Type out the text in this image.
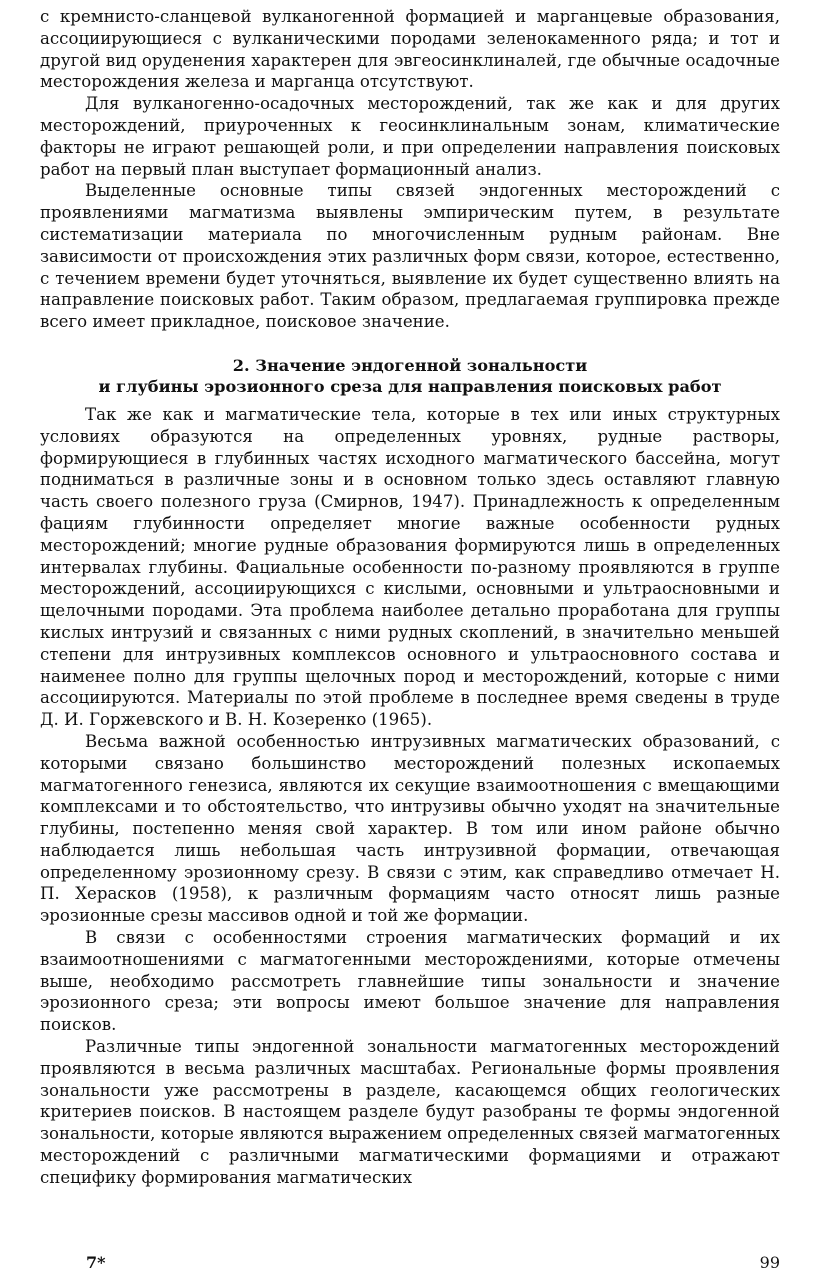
с кремнисто-сланцевой вулканогенной формацией и марганцевые образования, ассоциирующиеся с вулканическими породами зеленокаменного ряда; и тот и другой вид оруденения характерен для эвгеосинклиналей, где обычные осадочные месторождения железа и марганца отсутствуют.

Для вулканогенно-осадочных месторождений, так же как и для других месторождений, приуроченных к геосинклинальным зонам, климатические факторы не играют решающей роли, и при определении направления поисковых работ на первый план выступает формационный анализ.

Выделенные основные типы связей эндогенных месторождений с проявлениями магматизма выявлены эмпирическим путем, в результате систематизации материала по многочисленным рудным районам. Вне зависимости от происхождения этих различных форм связи, которое, естественно, с течением времени будет уточняться, выявление их будет существенно влиять на направление поисковых работ. Таким образом, предлагаемая группировка прежде всего имеет прикладное, поисковое значение.

2. Значение эндогенной зональности
и глубины эрозионного среза для направления поисковых работ

Так же как и магматические тела, которые в тех или иных структурных условиях образуются на определенных уровнях, рудные растворы, формирующиеся в глубинных частях исходного магматического бассейна, могут подниматься в различные зоны и в основном только здесь оставляют главную часть своего полезного груза (Смирнов, 1947). Принадлежность к определенным фациям глубинности определяет многие важные особенности рудных месторождений; многие рудные образования формируются лишь в определенных интервалах глубины. Фациальные особенности по-разному проявляются в группе месторождений, ассоциирующихся с кислыми, основными и ультраосновными и щелочными породами. Эта проблема наиболее детально проработана для группы кислых интрузий и связанных с ними рудных скоплений, в значительно меньшей степени для интрузивных комплексов основного и ультраосновного состава и наименее полно для группы щелочных пород и месторождений, которые с ними ассоциируются. Материалы по этой проблеме в последнее время сведены в труде Д. И. Горжевского и В. Н. Козеренко (1965).

Весьма важной особенностью интрузивных магматических образований, с которыми связано большинство месторождений полезных ископаемых магматогенного генезиса, являются их секущие взаимоотношения с вмещающими комплексами и то обстоятельство, что интрузивы обычно уходят на значительные глубины, постепенно меняя свой характер. В том или ином районе обычно наблюдается лишь небольшая часть интрузивной формации, отвечающая определенному эрозионному срезу. В связи с этим, как справедливо отмечает Н. П. Херасков (1958), к различным формациям часто относят лишь разные эрозионные срезы массивов одной и той же формации.

В связи с особенностями строения магматических формаций и их взаимоотношениями с магматогенными месторождениями, которые отмечены выше, необходимо рассмотреть главнейшие типы зональности и значение эрозионного среза; эти вопросы имеют большое значение для направления поисков.

Различные типы эндогенной зональности магматогенных месторождений проявляются в весьма различных масштабах. Региональные формы проявления зональности уже рассмотрены в разделе, касающемся общих геологических критериев поисков. В настоящем разделе будут разобраны те формы эндогенной зональности, которые являются выражением определенных связей магматогенных месторождений с различными магматическими формациями и отражают специфику формирования магматических

7*	99
